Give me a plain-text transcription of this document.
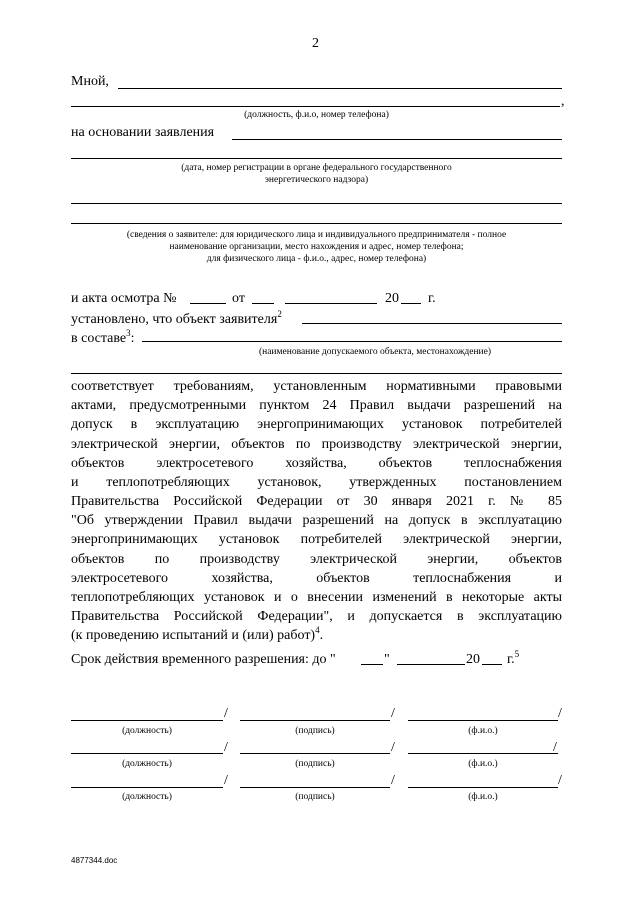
2
Мной,
,
(должность, ф.и.о, номер телефона)
на основании заявления
(дата, номер регистрации в органе федерального государственного
энергетического надзора)
(сведения о заявителе: для юридического лица и индивидуального предпринимателя - полное
наименование организации, место нахождения и адрес, номер телефона;
для физического лица - ф.и.о., адрес, номер телефона)
и акта осмотра №	от	20 г.
установлено, что объект заявителя$^2$
в составе$^3$:
(наименование допускаемого объекта, местонахождение)
соответствует требованиям, установленным нормативными правовыми
актами, предусмотренными пунктом 24 Правил выдачи разрешений на
допуск в эксплуатацию энергопринимающих установок потребителей
электрической энергии, объектов по производству электрической энергии,
объектов электросетевого хозяйства, объектов теплоснабжения
и теплопотребляющих установок, утвержденных постановлением
Правительства Российской Федерации от 30 января 2021 г. № 85
"Об утверждении Правил выдачи разрешений на допуск в эксплуатацию
энергопринимающих установок потребителей электрической энергии,
объектов по производству электрической энергии, объектов
электросетевого хозяйства, объектов теплоснабжения и
теплопотребляющих установок и о внесении изменений в некоторые акты
Правительства Российской Федерации", и допускается в эксплуатацию
(к проведению испытаний и (или) работ)$^4$.
Срок действия временного разрешения: до "	"	20 г.$^5$
/	/	/
(должность)	(подпись)	(ф.и.о.)
/	/	/
(должность)	(подпись)	(ф.и.о.)
/	/	/
(должность)	(подпись)	(ф.и.о.)
4877344.doc
